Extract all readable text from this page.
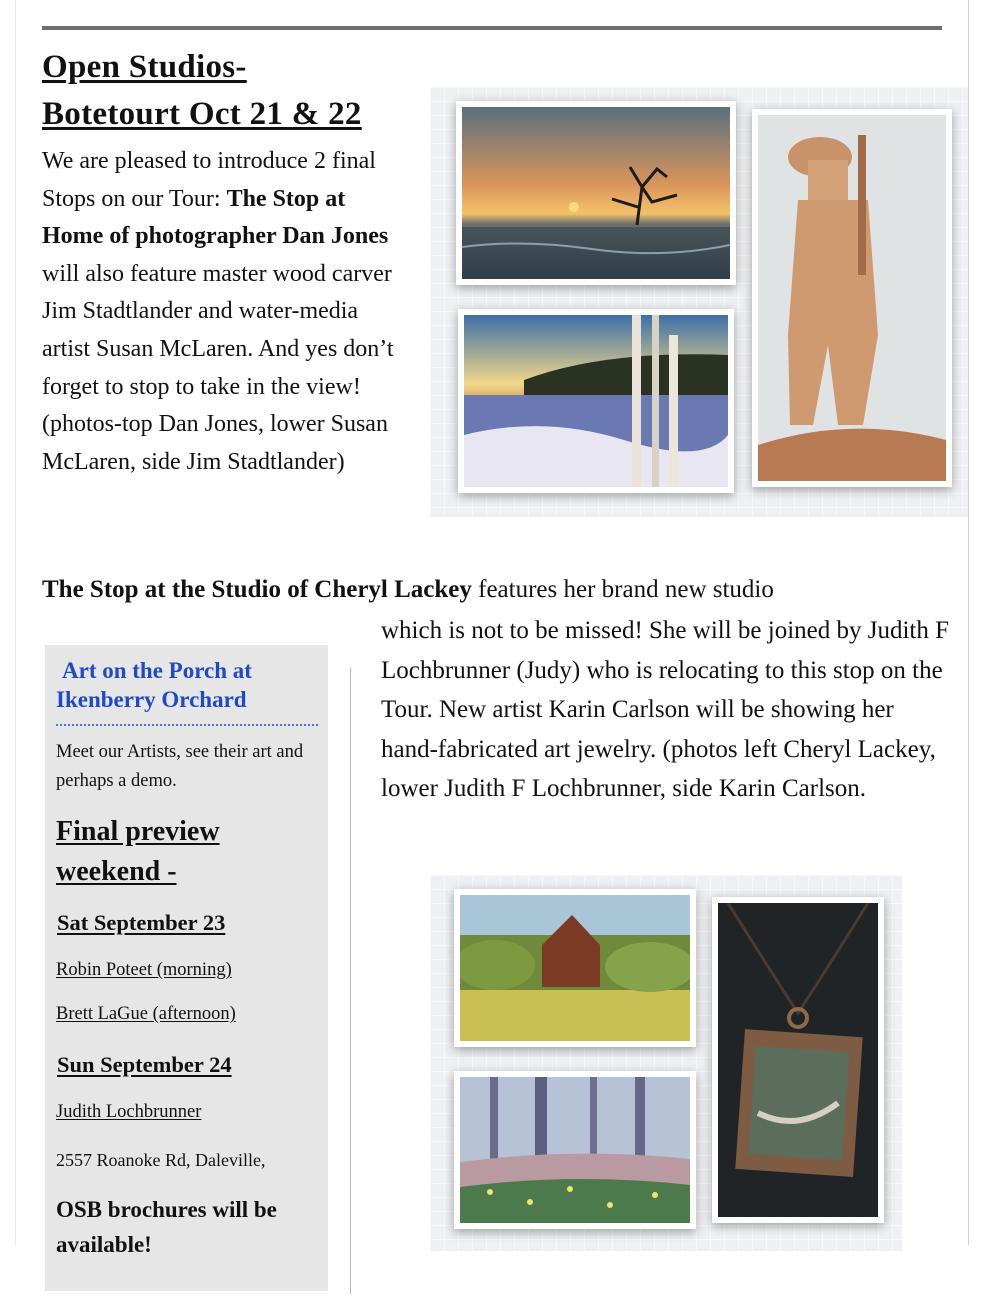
Open Studios-
Botetourt Oct 21 & 22
We are pleased to introduce 2 final Stops on our Tour: The Stop at Home of photographer Dan Jones will also feature master wood carver Jim Stadtlander and water-media artist Susan McLaren. And yes don’t forget to stop to take in the view! (photos-top Dan Jones, lower Susan McLaren, side Jim Stadtlander)
The Stop at the Studio of Cheryl Lackey features her brand new studio
which is not to be missed! She will be joined by Judith F Lochbrunner (Judy) who is relocating to this stop on the Tour. New artist Karin Carlson will be showing her hand-fabricated art jewelry. (photos left Cheryl Lackey, lower Judith F Lochbrunner, side Karin Carlson.
Art on the Porch at
Ikenberry Orchard
Meet our Artists, see their art and perhaps a demo.
Final preview
weekend -
Sat September 23
Robin Poteet (morning)
Brett LaGue (afternoon)
Sun September 24
Judith Lochbrunner
2557 Roanoke Rd, Daleville,
OSB brochures will be available!
